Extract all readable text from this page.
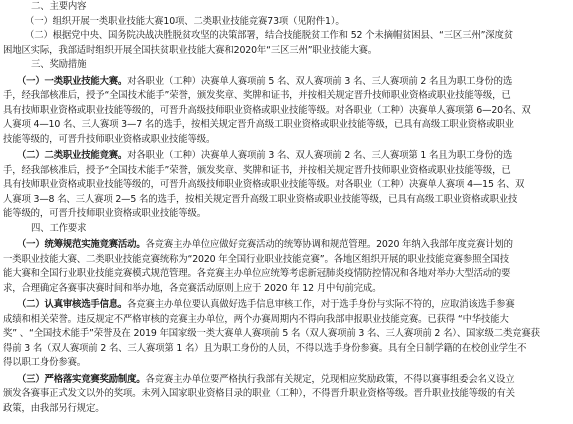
二、主要内容
（一）组织开展一类职业技能大赛10项、二类职业技能竞赛73项（见附件1）。
（二）根据党中央、国务院决战决胜脱贫攻坚的决策部署，结合技能脱贫工作和 52 个未摘帽贫困县、“三区三州”深度贫
困地区实际，我部适时组织开展全国扶贫职业技能大赛和2020年“三区三州”职业技能大赛。
三、奖励措施
（一）一类职业技能大赛。对各职业（工种）决赛单人赛项前 5 名、双人赛项前 3 名、三人赛项前 2 名且为职工身份的选
手，经我部核准后，授予“全国技术能手”荣誉，颁发奖章、奖牌和证书，并按相关规定晋升技师职业资格或职业技能等级，已
具有技师职业资格或职业技能等级的，可晋升高级技师职业资格或职业技能等级。对各职业（工种）决赛单人赛项第 6—20名、双
人赛项 4—10 名、三人赛项 3—7 名的选手，按相关规定晋升高级工职业资格或职业技能等级，已具有高级工职业资格或职业
技能等级的，可晋升技师职业资格或职业技能等级。
（二）二类职业技能竞赛。对各职业（工种）决赛单人赛项前 3 名、双人赛项前 2 名、三人赛项第 1 名且为职工身份的选
手，经我部核准后，授予“全国技术能手”荣誉，颁发奖章、奖牌和证书，并按相关规定晋升技师职业资格或职业技能等级，已
具有技师职业资格或职业技能等级的，可晋升高级技师职业资格或职业技能等级。对各职业（工种）决赛单人赛项 4—15 名、双
人赛项 3—8 名、三人赛项 2—5 名的选手，按相关规定晋升高级工职业资格或职业技能等级，已具有高级工职业资格或职业技
能等级的，可晋升技师职业资格或职业技能等级。
四、工作要求
（一）统筹规范实施竞赛活动。各竞赛主办单位应做好竞赛活动的统筹协调和规范管理。2020 年纳入我部年度竞赛计划的
一类职业技能大赛、二类职业技能竞赛统称为“2020 年全国行业职业技能竞赛”。各地区组织开展的职业技能竞赛参照全国技
能大赛和全国行业职业技能竞赛模式规范管理。各竞赛主办单位应统筹考虑新冠肺炎疫情防控情况和各地对举办大型活动的要
求，合理确定各赛事决赛时间和举办地，各竞赛活动原则上应于 2020 年 12 月中旬前完成。
（二）认真审核选手信息。各竞赛主办单位要认真做好选手信息审核工作，对于选手身份与实际不符的，应取消该选手参赛
成绩和相关荣誉。违反规定不严格审核的竞赛主办单位，两个办赛周期内不得向我部申报职业技能竞赛。已获得 “中华技能大
奖” 、“全国技术能手”荣誉及在 2019 年国家级一类大赛单人赛项前 5 名（双人赛项前 3 名、三人赛项前 2 名）、国家级二类竞赛获
得前 3 名（双人赛项前 2 名、三人赛项第 1 名）且为职工身份的人员，不得以选手身份参赛。具有全日制学籍的在校创业学生不
得以职工身份参赛。
（三）严格落实竞赛奖励制度。各竞赛主办单位要严格执行我部有关规定，兑现相应奖励政策，不得以赛事组委会名义设立
颁发各赛事正式发文以外的奖项。未列入国家职业资格目录的职业（工种），不得晋升职业资格等级。晋升职业技能等级的有关
政策，由我部另行规定。
